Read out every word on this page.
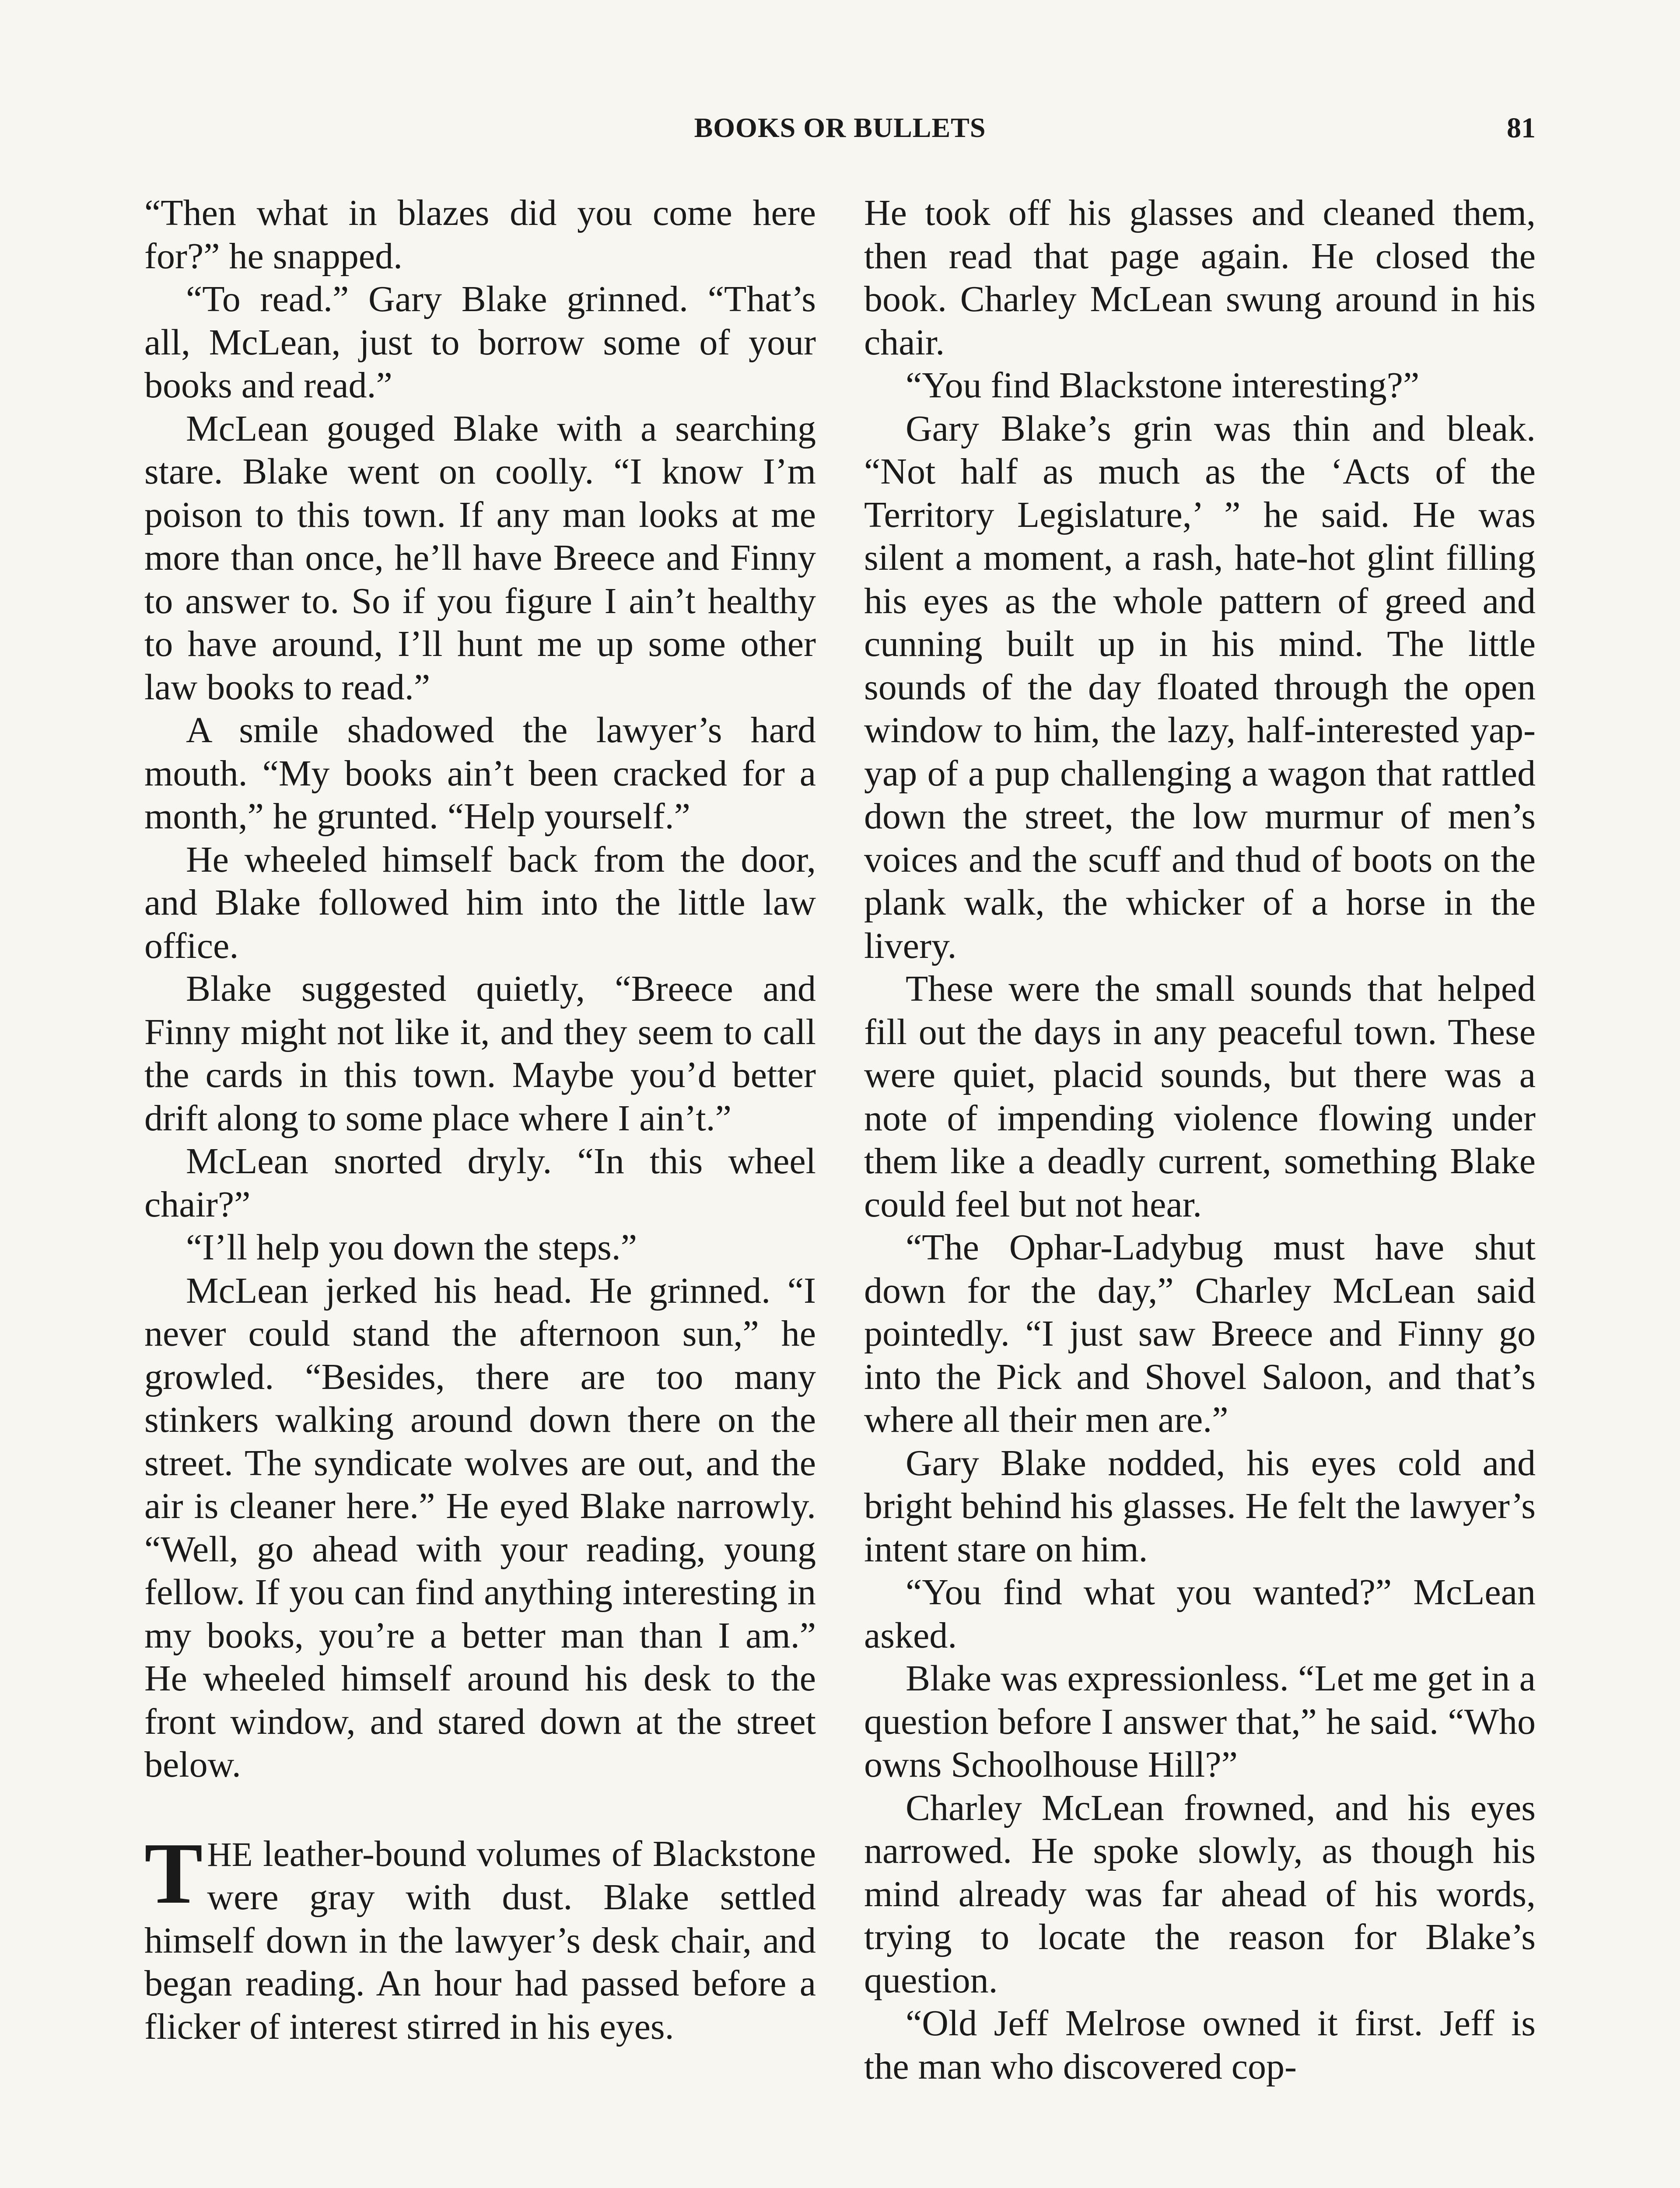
BOOKS OR BULLETS	81

“Then what in blazes did you come here for?” he snapped.

“To read.” Gary Blake grinned. “That’s all, McLean, just to borrow some of your books and read.”

McLean gouged Blake with a searching stare. Blake went on coolly. “I know I’m poison to this town. If any man looks at me more than once, he’ll have Breece and Finny to answer to. So if you figure I ain’t healthy to have around, I’ll hunt me up some other law books to read.”

A smile shadowed the lawyer’s hard mouth. “My books ain’t been cracked for a month,” he grunted. “Help yourself.”

He wheeled himself back from the door, and Blake followed him into the little law office.

Blake suggested quietly, “Breece and Finny might not like it, and they seem to call the cards in this town. Maybe you’d better drift along to some place where I ain’t.”

McLean snorted dryly. “In this wheel chair?”

“I’ll help you down the steps.”

McLean jerked his head. He grinned. “I never could stand the afternoon sun,” he growled. “Besides, there are too many stinkers walking around down there on the street. The syndicate wolves are out, and the air is cleaner here.” He eyed Blake narrowly. “Well, go ahead with your reading, young fellow. If you can find anything interesting in my books, you’re a better man than I am.” He wheeled himself around his desk to the front window, and stared down at the street below.

THE leather-bound volumes of Blackstone were gray with dust. Blake settled himself down in the lawyer’s desk chair, and began reading. An hour had passed before a flicker of interest stirred in his eyes.

He took off his glasses and cleaned them, then read that page again. He closed the book. Charley McLean swung around in his chair.

“You find Blackstone interesting?”

Gary Blake’s grin was thin and bleak. “Not half as much as the ‘Acts of the Territory Legislature,’ ” he said. He was silent a moment, a rash, hate-hot glint filling his eyes as the whole pattern of greed and cunning built up in his mind. The little sounds of the day floated through the open window to him, the lazy, half-interested yap-yap of a pup challenging a wagon that rattled down the street, the low murmur of men’s voices and the scuff and thud of boots on the plank walk, the whicker of a horse in the livery.

These were the small sounds that helped fill out the days in any peaceful town. These were quiet, placid sounds, but there was a note of impending violence flowing under them like a deadly current, something Blake could feel but not hear.

“The Ophar-Ladybug must have shut down for the day,” Charley McLean said pointedly. “I just saw Breece and Finny go into the Pick and Shovel Saloon, and that’s where all their men are.”

Gary Blake nodded, his eyes cold and bright behind his glasses. He felt the lawyer’s intent stare on him.

“You find what you wanted?” McLean asked.

Blake was expressionless. “Let me get in a question before I answer that,” he said. “Who owns Schoolhouse Hill?”

Charley McLean frowned, and his eyes narrowed. He spoke slowly, as though his mind already was far ahead of his words, trying to locate the reason for Blake’s question.

“Old Jeff Melrose owned it first. Jeff is the man who discovered cop-
